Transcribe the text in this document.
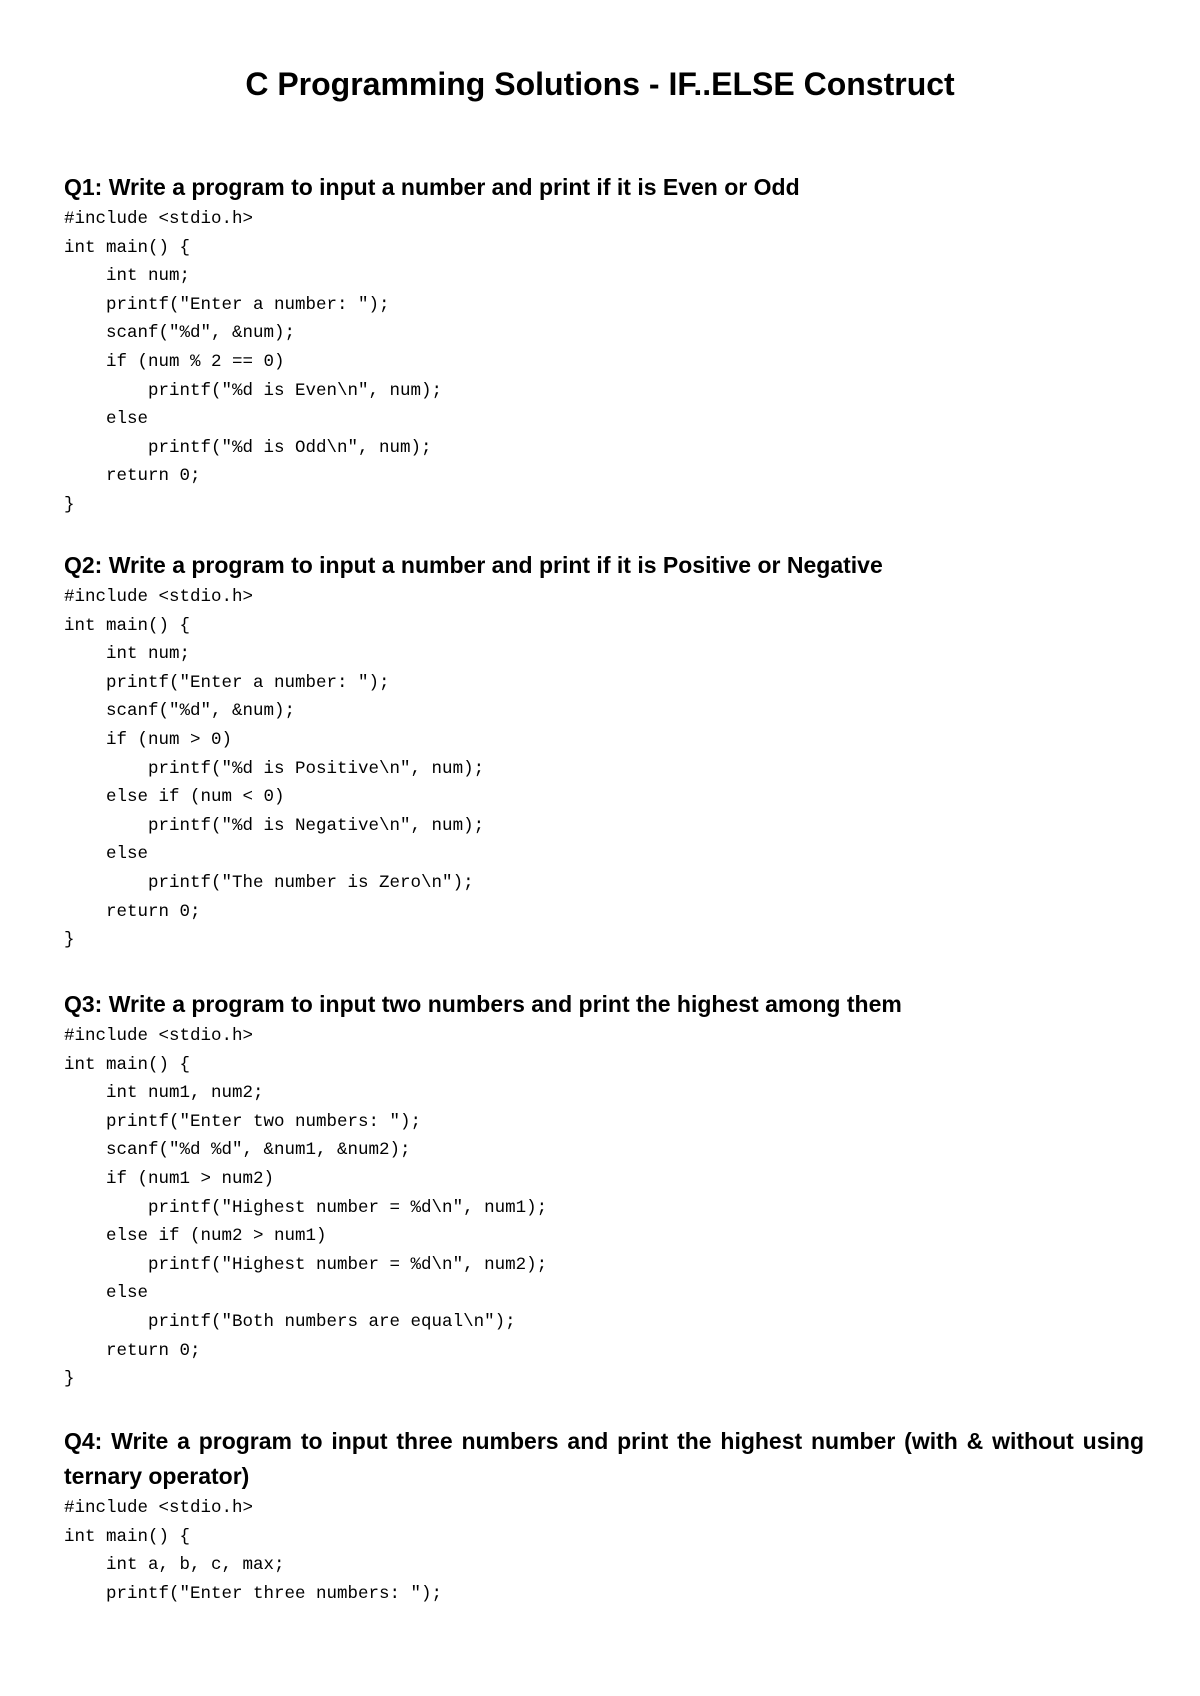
C Programming Solutions - IF..ELSE Construct
Q1: Write a program to input a number and print if it is Even or Odd
#include <stdio.h>
int main() {
int num;
printf("Enter a number: ");
scanf("%d", &num);
if (num % 2 == 0)
printf("%d is Even\n", num);
else
printf("%d is Odd\n", num);
return 0;
}
Q2: Write a program to input a number and print if it is Positive or Negative
#include <stdio.h>
int main() {
int num;
printf("Enter a number: ");
scanf("%d", &num);
if (num > 0)
printf("%d is Positive\n", num);
else if (num < 0)
printf("%d is Negative\n", num);
else
printf("The number is Zero\n");
return 0;
}
Q3: Write a program to input two numbers and print the highest among them
#include <stdio.h>
int main() {
int num1, num2;
printf("Enter two numbers: ");
scanf("%d %d", &num1, &num2);
if (num1 > num2)
printf("Highest number = %d\n", num1);
else if (num2 > num1)
printf("Highest number = %d\n", num2);
else
printf("Both numbers are equal\n");
return 0;
}
Q4: Write a program to input three numbers and print the highest number (with & without using ternary operator)
#include <stdio.h>
int main() {
int a, b, c, max;
printf("Enter three numbers: ");
